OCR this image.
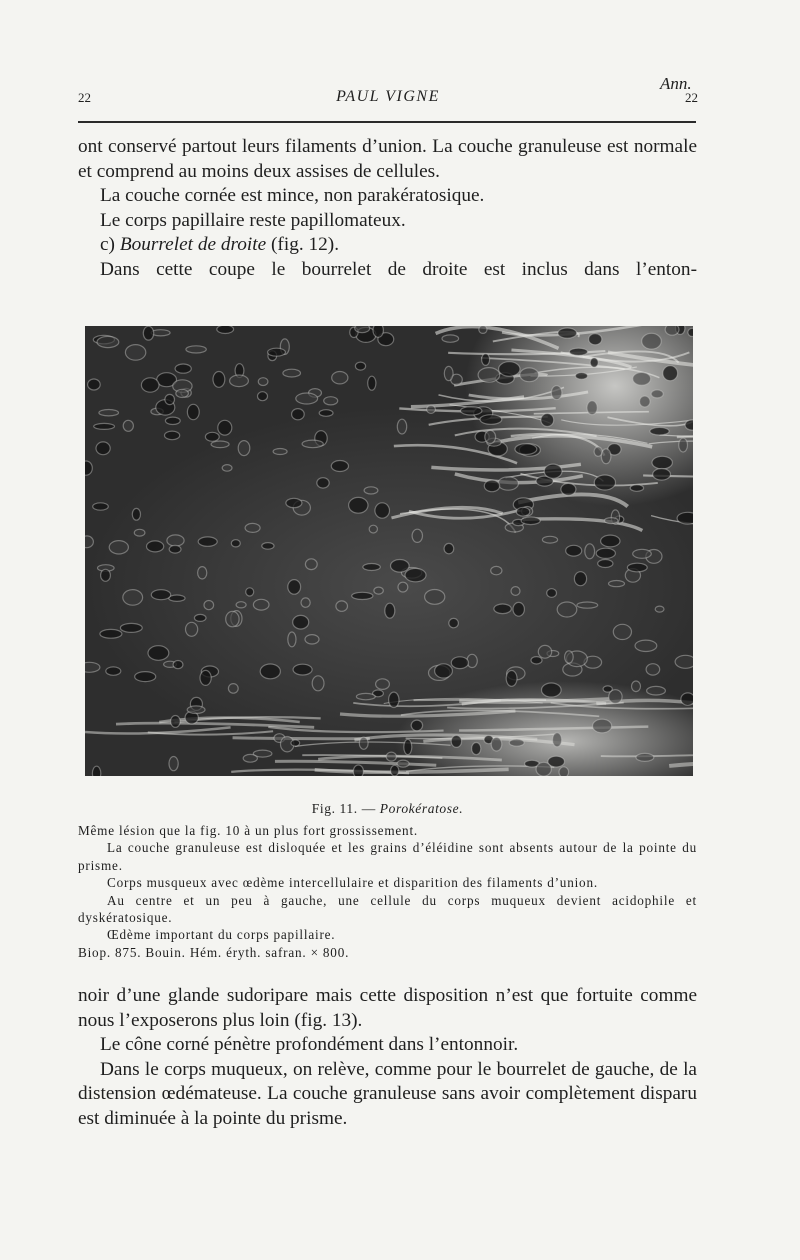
Ann.
22	PAUL VIGNE	22

ont conservé partout leurs filaments d’union. La couche granuleuse est normale et comprend au moins deux assises de cellules.

La couche cornée est mince, non parakératosique.

Le corps papillaire reste papillomateux.

c) Bourrelet de droite (fig. 12).

Dans cette coupe le bourrelet de droite est inclus dans l’enton-

Fig. 11. — Porokératose.

Même lésion que la fig. 10 à un plus fort grossissement.

La couche granuleuse est disloquée et les grains d’éléidine sont absents autour de la pointe du prisme.

Corps musqueux avec œdème intercellulaire et disparition des filaments d’union.

Au centre et un peu à gauche, une cellule du corps muqueux devient acidophile et dyskératosique.

Œdème important du corps papillaire.

Biop. 875. Bouin. Hém. éryth. safran. × 800.

noir d’une glande sudoripare mais cette disposition n’est que fortuite comme nous l’exposerons plus loin (fig. 13).

Le cône corné pénètre profondément dans l’entonnoir.

Dans le corps muqueux, on relève, comme pour le bourrelet de gauche, de la distension œdémateuse. La couche granuleuse sans avoir complètement disparu est diminuée à la pointe du prisme.
